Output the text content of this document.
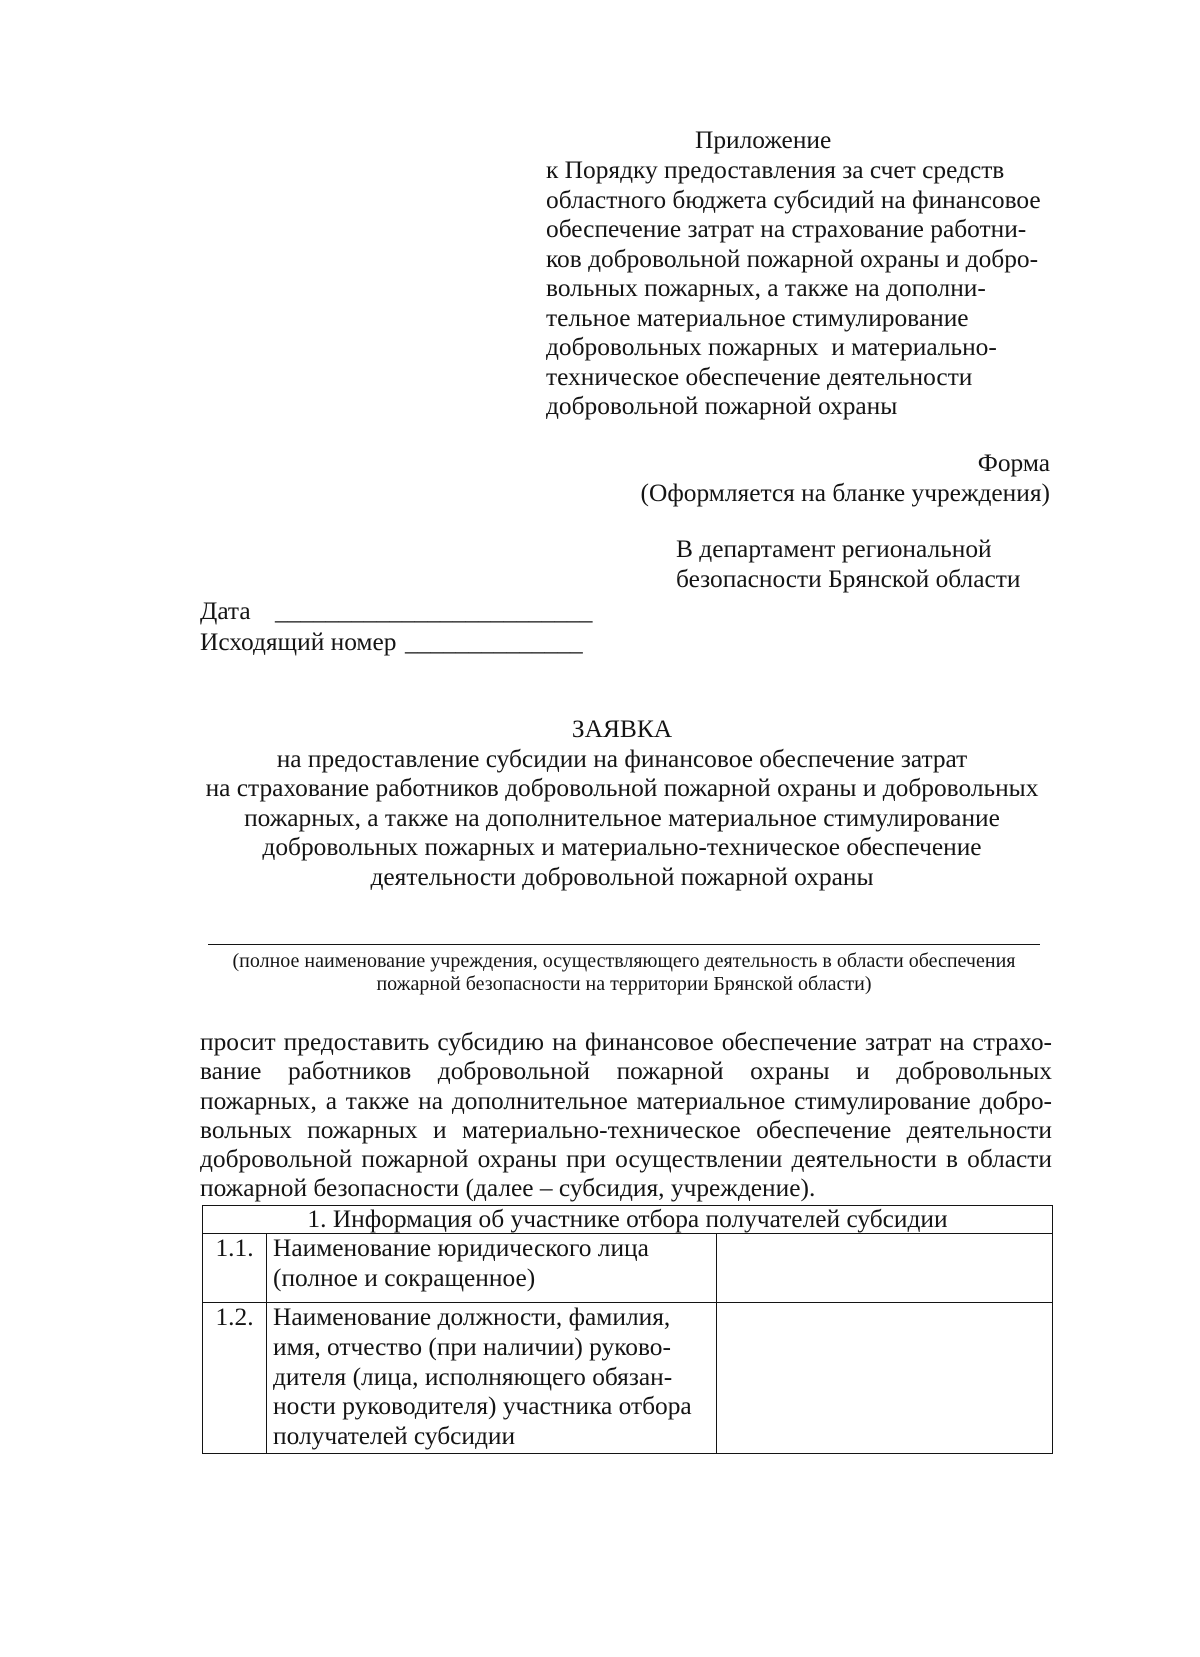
Приложение
к Порядку предоставления за счет средств
областного бюджета субсидий на финансовое
обеспечение затрат на страхование работни-
ков добровольной пожарной охраны и добро-
вольных пожарных, а также на дополни-
тельное материальное стимулирование
добровольных пожарных  и материально-
техническое обеспечение деятельности
добровольной пожарной охраны
Форма
(Оформляется на бланке учреждения)
В департамент региональной
безопасности Брянской области
Дата _________________________
Исходящий номер ______________
ЗАЯВКА
на предоставление субсидии на финансовое обеспечение затрат
на страхование работников добровольной пожарной охраны и добровольных
пожарных, а также на дополнительное материальное стимулирование
добровольных пожарных и материально-техническое обеспечение
деятельности добровольной пожарной охраны
(полное наименование учреждения, осуществляющего деятельность в области обеспечения
пожарной безопасности на территории Брянской области)
просит предоставить субсидию на финансовое обеспечение затрат на страхо-
вание работников добровольной пожарной охраны и добровольных
пожарных, а также на дополнительное материальное стимулирование добро-
вольных пожарных и материально-техническое обеспечение деятельности
добровольной пожарной охраны при осуществлении деятельности в области
пожарной безопасности (далее – субсидия, учреждение).
1. Информация об участнике отбора получателей субсидии		
1.1.	Наименование юридического лица
(полное и сокращенное)	

1.2.	Наименование должности, фамилия,
имя, отчество (при наличии) руково-
дителя (лица, исполняющего обязан-
ности руководителя) участника отбора
получателей субсидии	
